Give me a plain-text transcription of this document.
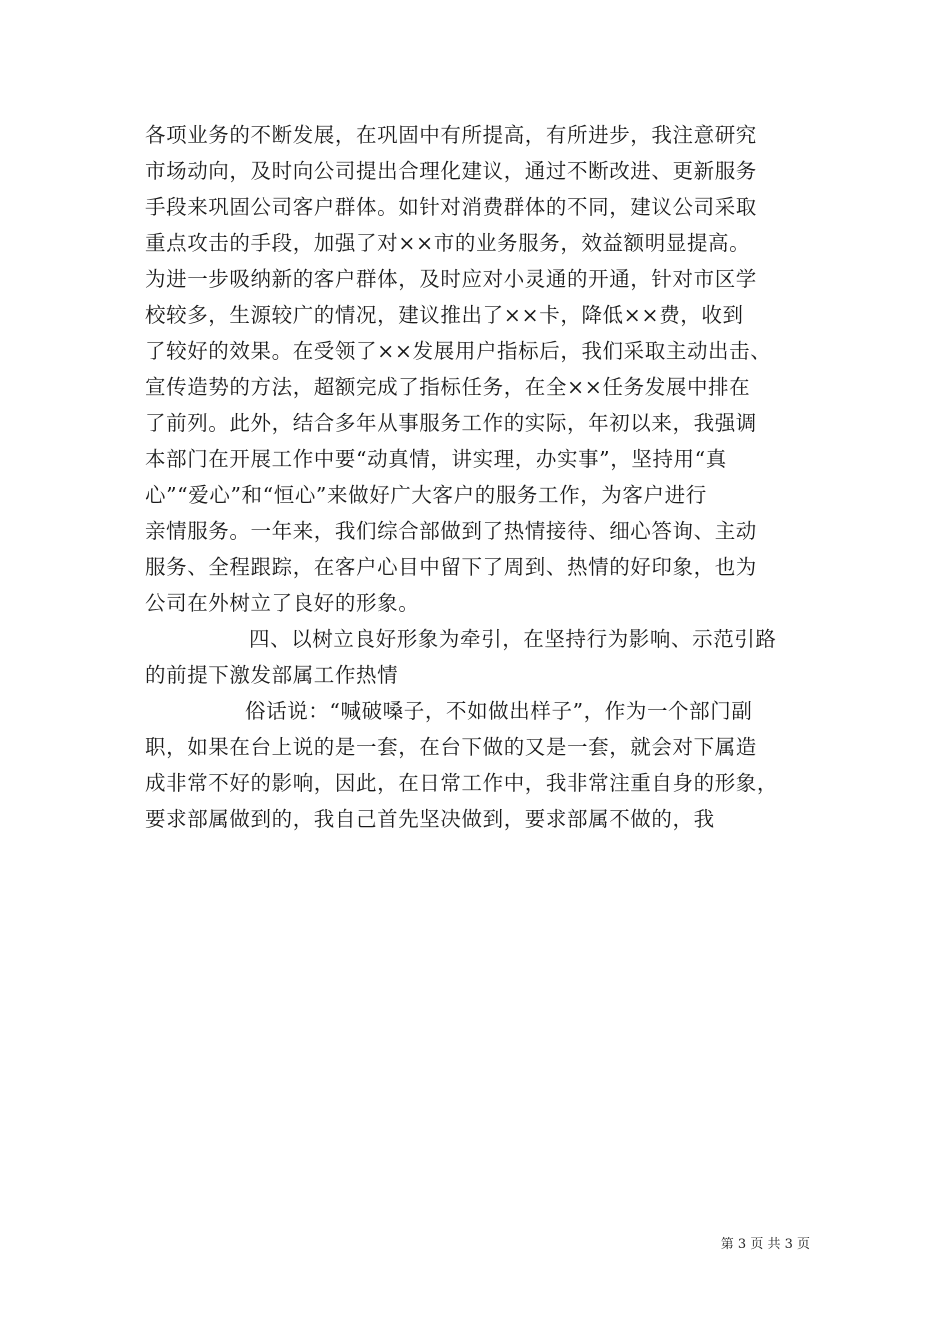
各项业务的不断发展，在巩固中有所提高，有所进步，我注意研究
市场动向，及时向公司提出合理化建议，通过不断改进、更新服务
手段来巩固公司客户群体。如针对消费群体的不同，建议公司采取
重点攻击的手段，加强了对××市的业务服务，效益额明显提高。
为进一步吸纳新的客户群体，及时应对小灵通的开通，针对市区学
校较多，生源较广的情况，建议推出了××卡，降低××费，收到
了较好的效果。在受领了××发展用户指标后，我们采取主动出击、
宣传造势的方法，超额完成了指标任务，在全××任务发展中排在
了前列。此外，结合多年从事服务工作的实际，年初以来，我强调
本部门在开展工作中要“动真情，讲实理，办实事”，坚持用“真
心”“爱心”和“恒心”来做好广大客户的服务工作，为客户进行
亲情服务。一年来，我们综合部做到了热情接待、细心答询、主动
服务、全程跟踪，在客户心目中留下了周到、热情的好印象，也为
公司在外树立了良好的形象。
四、以树立良好形象为牵引，在坚持行为影响、示范引路
的前提下激发部属工作热情
俗话说：“喊破嗓子，不如做出样子”，作为一个部门副
职，如果在台上说的是一套，在台下做的又是一套，就会对下属造
成非常不好的影响，因此，在日常工作中，我非常注重自身的形象，
要求部属做到的，我自己首先坚决做到，要求部属不做的，我
第 3 页 共 3 页
